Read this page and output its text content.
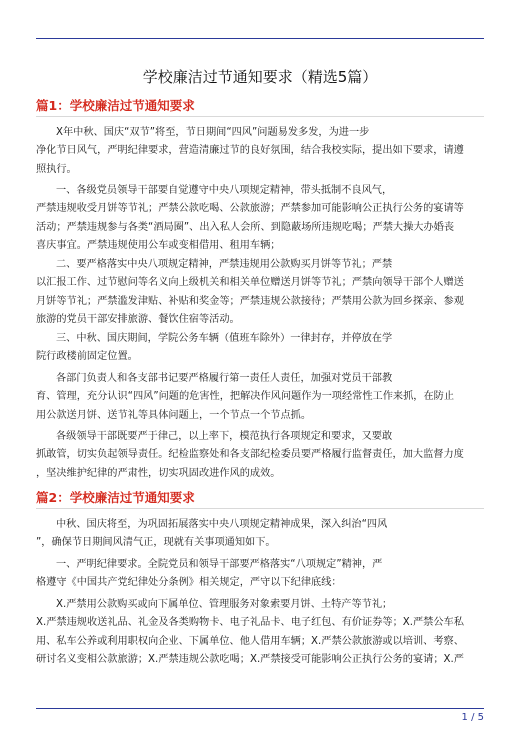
学校廉洁过节通知要求（精选5篇）
篇1：学校廉洁过节通知要求
X年中秋、国庆“双节”将至，节日期间“四风”问题易发多发，为进一步
净化节日风气，严明纪律要求，营造清廉过节的良好氛围，结合我校实际，提出如下要求，请遵
照执行。
一、各级党员领导干部要自觉遵守中央八项规定精神，带头抵制不良风气，
严禁违规收受月饼等节礼；严禁公款吃喝、公款旅游；严禁参加可能影响公正执行公务的宴请等
活动；严禁违规参与各类“酒局圈”、出入私人会所、到隐蔽场所违规吃喝；严禁大操大办婚丧
喜庆事宜。严禁违规使用公车或变相借用、租用车辆；
二、要严格落实中央八项规定精神，严禁违规用公款购买月饼等节礼；严禁
以汇报工作、过节慰问等名义向上级机关和相关单位赠送月饼等节礼；严禁向领导干部个人赠送
月饼等节礼；严禁滥发津贴、补贴和奖金等；严禁违规公款接待；严禁用公款为回乡探亲、参观
旅游的党员干部安排旅游、餐饮住宿等活动。
三、中秋、国庆期间，学院公务车辆（值班车除外）一律封存，并停放在学
院行政楼前固定位置。
各部门负责人和各支部书记要严格履行第一责任人责任，加强对党员干部教
育、管理，充分认识“四风”问题的危害性，把解决作风问题作为一项经常性工作来抓，在防止
用公款送月饼、送节礼等具体问题上，一个节点一个节点抓。
各级领导干部既要严于律己，以上率下，模范执行各项规定和要求，又要敢
抓敢管，切实负起领导责任。纪检监察处和各支部纪检委员要严格履行监督责任，加大监督力度
，坚决维护纪律的严肃性，切实巩固改进作风的成效。
篇2：学校廉洁过节通知要求
中秋、国庆将至，为巩固拓展落实中央八项规定精神成果，深入纠治“四风
”，确保节日期间风清气正，现就有关事项通知如下。
一、严明纪律要求。全院党员和领导干部要严格落实“八项规定”精神，严
格遵守《中国共产党纪律处分条例》相关规定，严守以下纪律底线：
X.严禁用公款购买或向下属单位、管理服务对象索要月饼、土特产等节礼；
X.严禁违规收送礼品、礼金及各类购物卡、电子礼品卡、电子红包、有价证券等；X.严禁公车私
用、私车公养或利用职权向企业、下属单位、他人借用车辆；X.严禁公款旅游或以培训、考察、
研讨名义变相公款旅游；X.严禁违规公款吃喝；X.严禁接受可能影响公正执行公务的宴请；X.严
1 / 5
